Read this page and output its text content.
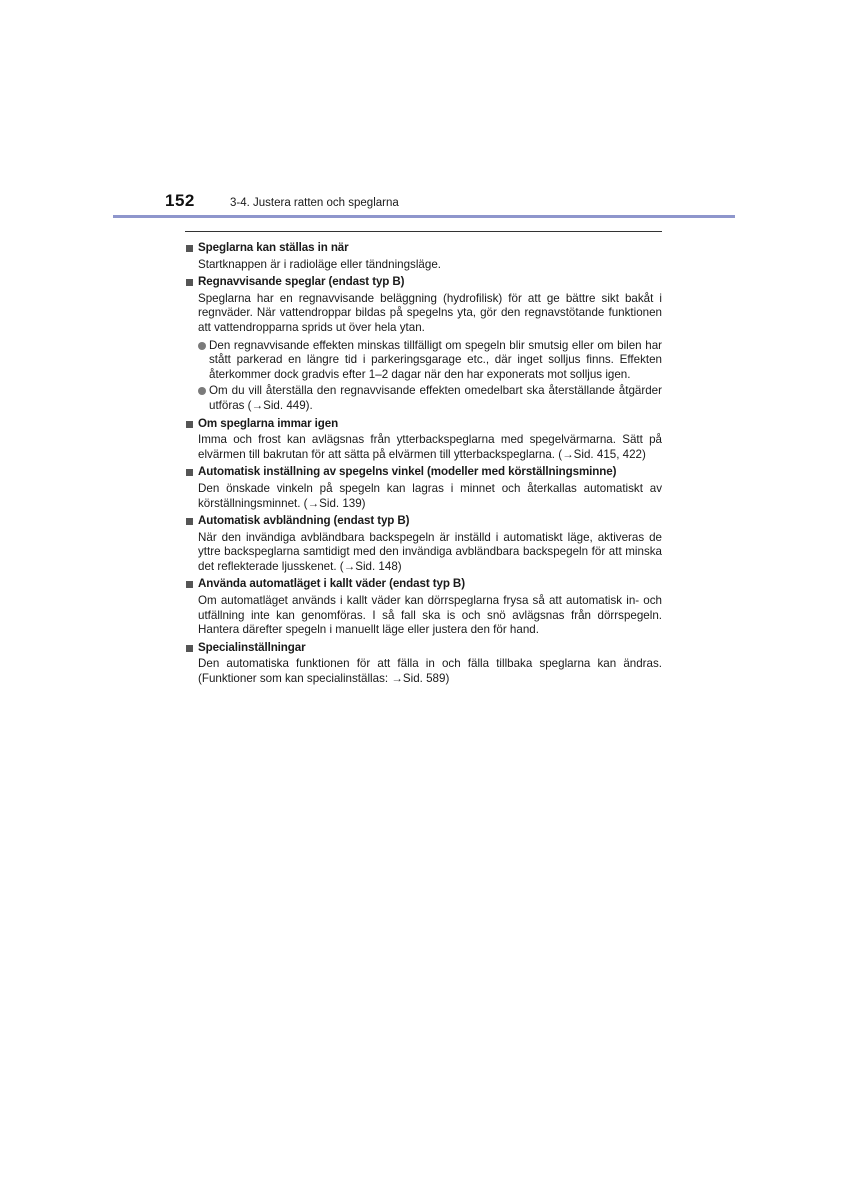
152	3-4. Justera ratten och speglarna
Speglarna kan ställas in när

Startknappen är i radioläge eller tändningsläge.

Regnavvisande speglar (endast typ B)

Speglarna har en regnavvisande beläggning (hydrofilisk) för att ge bättre sikt bakåt i regnväder. När vattendroppar bildas på spegelns yta, gör den regnavstötande funktionen att vattendropparna sprids ut över hela ytan.

Den regnavvisande effekten minskas tillfälligt om spegeln blir smutsig eller om bilen har stått parkerad en längre tid i parkeringsgarage etc., där inget solljus finns. Effekten återkommer dock gradvis efter 1–2 dagar när den har exponerats mot solljus igen.
Om du vill återställa den regnavvisande effekten omedelbart ska återställande åtgärder utföras (→Sid. 449).
Om speglarna immar igen

Imma och frost kan avlägsnas från ytterbackspeglarna med spegelvärmarna. Sätt på elvärmen till bakrutan för att sätta på elvärmen till ytterbackspeglarna. (→Sid. 415, 422)

Automatisk inställning av spegelns vinkel (modeller med körställningsminne)

Den önskade vinkeln på spegeln kan lagras i minnet och återkallas automatiskt av körställningsminnet. (→Sid. 139)

Automatisk avbländning (endast typ B)

När den invändiga avbländbara backspegeln är inställd i automatiskt läge, aktiveras de yttre backspeglarna samtidigt med den invändiga avbländbara backspegeln för att minska det reflekterade ljusskenet. (→Sid. 148)

Använda automatläget i kallt väder (endast typ B)

Om automatläget används i kallt väder kan dörrspeglarna frysa så att automatisk in- och utfällning inte kan genomföras. I så fall ska is och snö avlägsnas från dörrspegeln. Hantera därefter spegeln i manuellt läge eller justera den för hand.

Specialinställningar

Den automatiska funktionen för att fälla in och fälla tillbaka speglarna kan ändras. (Funktioner som kan specialinställas: →Sid. 589)
